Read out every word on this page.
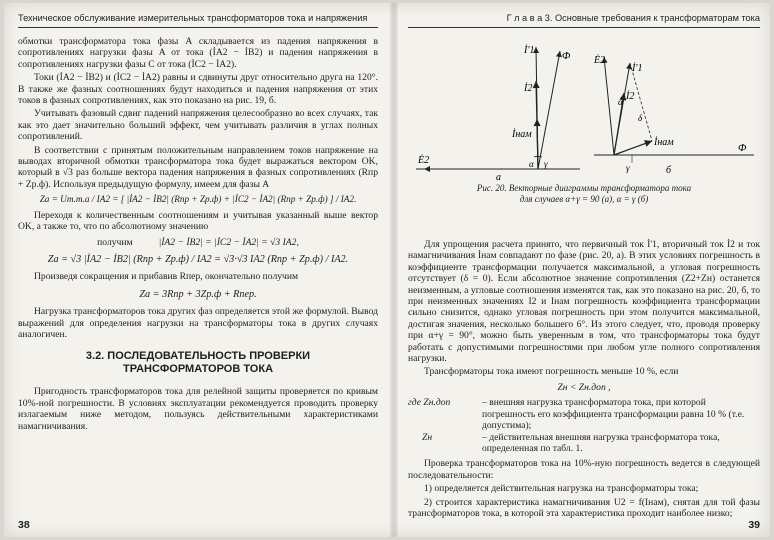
Техническое обслуживание измерительных трансформаторов тока и напряжения

обмотки трансформатора тока фазы A складывается из падения напряжения в сопротивлениях нагрузки фазы A от тока (İA2 − İB2) и падения напряжения в сопротивлениях нагрузки фазы C от тока (İC2 − İA2).

Токи (İA2 − İB2) и (İC2 − İA2) равны и сдвинуты друг относительно друга на 120°. В также же фазных соотношениях будут находиться и падения напряжения от этих токов в фазных сопротивлениях, как это показано на рис. 19, б.

Учитывать фазовый сдвиг падений напряжения целесообразно во всех случаях, так как это дает значительно больший эффект, чем учитывать различия в углах полных сопротивлений.

В соответствии с принятым положительным направлением токов напряжение на выводах вторичной обмотки трансформатора тока будет выражаться вектором OK, который в √3 раз больше вектора падения напряжения в фазных сопротивлениях (Rпр + Zр.ф). Используя предыдущую формулу, имеем для фазы A

Za = Uт.т.а / IA2 = [ |İA2 − İB2| (Rпр + Zр.ф) + |İC2 − İA2| (Rпр + Zр.ф) ] / IA2.

Переходя к количественным соотношениям и учитывая указанный выше вектор OK, а также то, что по абсолютному значению

получим	|İA2 − İB2| = |İC2 − İA2| = √3 IA2,
Za = √3 |İA2 − İB2| (Rпр + Zр.ф) / IA2 = √3·√3 IA2 (Rпр + Zр.ф) / IA2.

Произведя сокращения и прибавив Rпер, окончательно получим

Za = 3Rпр + 3Zр.ф + Rпер.

Нагрузка трансформаторов тока других фаз определяется этой же формулой. Вывод выражений для определения нагрузки на трансформаторы тока в других случаях аналогичен.

3.2. ПОСЛЕДОВАТЕЛЬНОСТЬ ПРОВЕРКИ
ТРАНСФОРМАТОРОВ ТОКА

Пригодность трансформаторов тока для релейной защиты проверяется по кривым 10%-ной погрешности. В условиях эксплуатации рекомендуется проводить проверку излагаемым ниже методом, пользуясь действительными характеристиками намагничивания.

38
Г л а в а 3. Основные требования к трансформаторам тока
İ'1	Φ
İ2
İнам
Ė2	α γ
а
Ė2
İ'1
İ2
α
δ
İнам
γ
Φ
б
Рис. 20. Векторные диаграммы трансформатора тока
для случаев α+γ = 90 (а), α = γ (б)

Для упрощения расчета принято, что первичный ток İ'1, вторичный ток İ2 и ток намагничивания İнам совпадают по фазе (рис. 20, а). В этих условиях погрешность в коэффициенте трансформации получается максимальной, а угловая погрешность отсутствует (δ = 0). Если абсолютное значение сопротивления (Z2+Zн) останется неизменным, а угловые соотношения изменятся так, как это показано на рис. 20, б, то при неизменных значениях I2 и Iнам погрешность коэффициента трансформации сильно снизится, однако угловая погрешность при этом получится максимальной, достигая значения, несколько большего 6°. Из этого следует, что, проводя проверку при α+γ = 90°, можно быть уверенным в том, что трансформаторы тока будут работать с допустимыми погрешностями при любом угле полного сопротивления нагрузки.

Трансформаторы тока имеют погрешность меньше 10 %, если

Zн < Zн.доп ,
где Zн.доп	– внешняя нагрузка трансформатора тока, при которой погрешность его коэффициента трансформации равна 10 % (т.е. допустима);
Zн	– действительная внешняя нагрузка трансформатора тока, определенная по табл. 1.

Проверка трансформаторов тока на 10%-ную погрешность ведется в следующей последовательности:

1) определяется действительная нагрузка на трансформаторы тока;

2) строится характеристика намагничивания U2 = f(Iнам), снятая для той фазы трансформаторов тока, в которой эта характеристика проходит наиболее низко;

39
